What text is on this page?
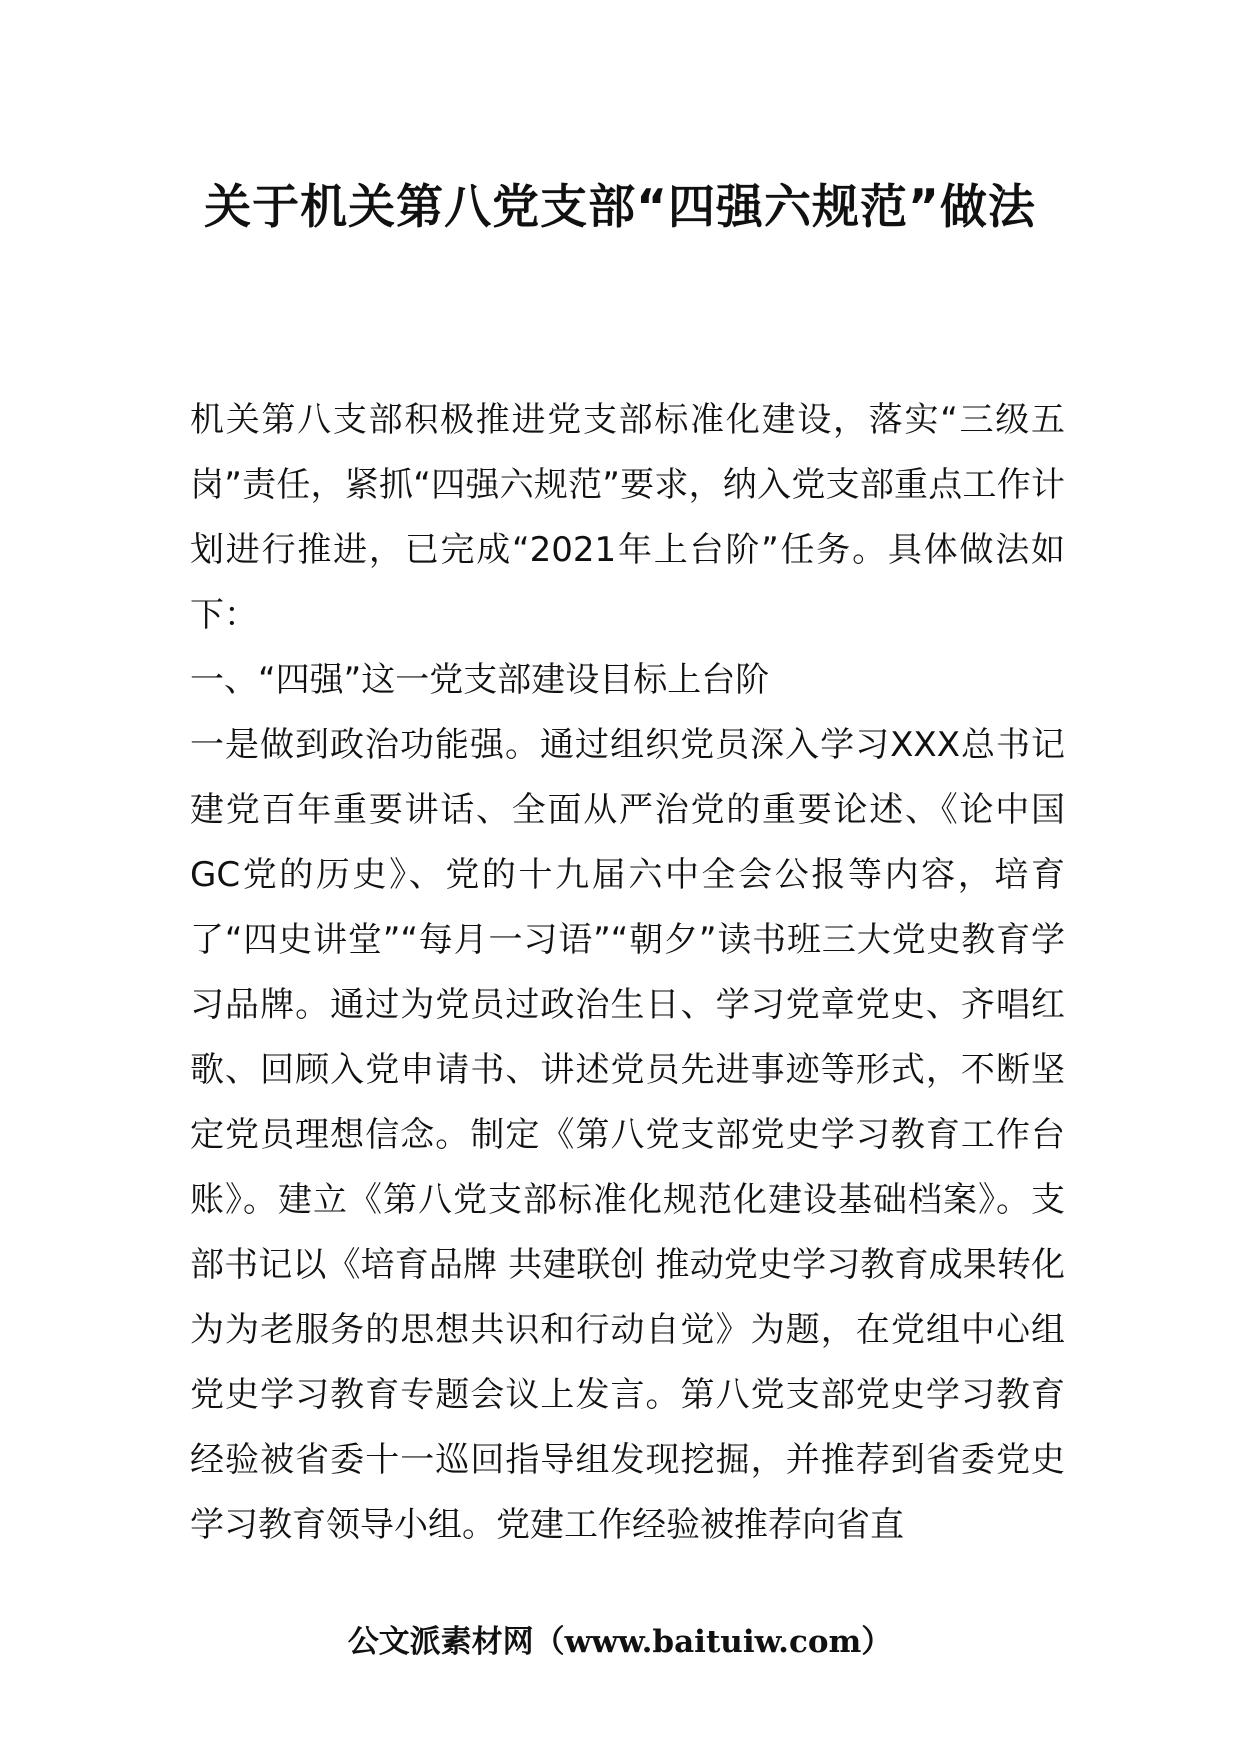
关于机关第八党支部“四强六规范”做法

机关第八支部积极推进党支部标准化建设，落实“三级五岗”责任，紧抓“四强六规范”要求，纳入党支部重点工作计划进行推进，已完成“2021年上台阶”任务。具体做法如下：

一、“四强”这一党支部建设目标上台阶

一是做到政治功能强。通过组织党员深入学习XXX总书记建党百年重要讲话、全面从严治党的重要论述、《论中国GC党的历史》、党的十九届六中全会公报等内容，培育了“四史讲堂”“每月一习语”“朝夕”读书班三大党史教育学习品牌。通过为党员过政治生日、学习党章党史、齐唱红歌、回顾入党申请书、讲述党员先进事迹等形式，不断坚定党员理想信念。制定《第八党支部党史学习教育工作台账》。建立《第八党支部标准化规范化建设基础档案》。支部书记以《培育品牌 共建联创 推动党史学习教育成果转化为为老服务的思想共识和行动自觉》为题，在党组中心组党史学习教育专题会议上发言。第八党支部党史学习教育经验被省委十一巡回指导组发现挖掘，并推荐到省委党史学习教育领导小组。党建工作经验被推荐向省直

公文派素材网（www.baituiw.com）
